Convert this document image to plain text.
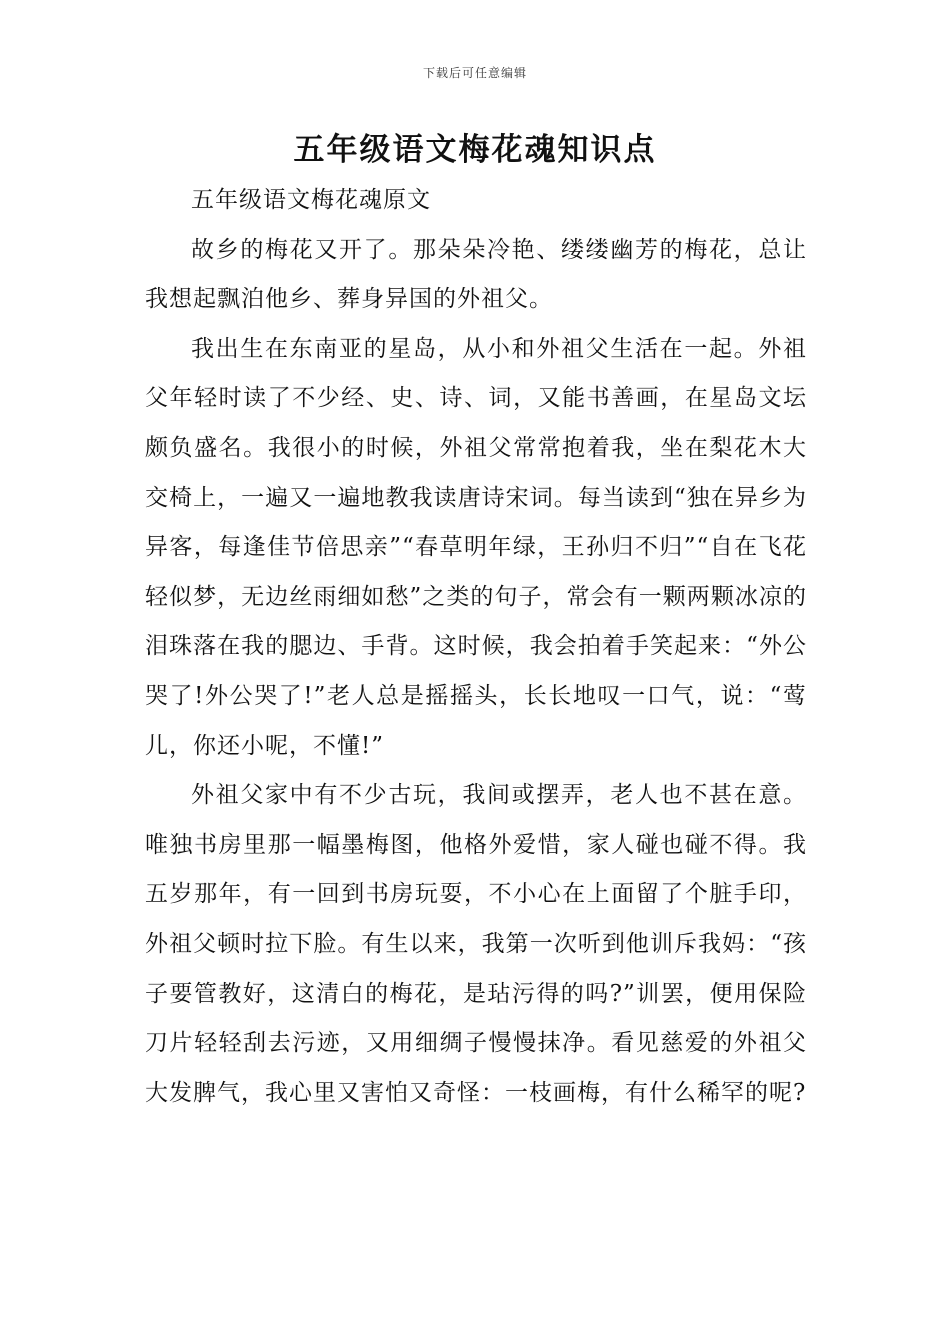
下载后可任意编辑
五年级语文梅花魂知识点

五年级语文梅花魂原文

故乡的梅花又开了。那朵朵冷艳、缕缕幽芳的梅花，总让我想起飘泊他乡、葬身异国的外祖父。

我出生在东南亚的星岛，从小和外祖父生活在一起。外祖父年轻时读了不少经、史、诗、词，又能书善画，在星岛文坛颇负盛名。我很小的时候，外祖父常常抱着我，坐在梨花木大交椅上，一遍又一遍地教我读唐诗宋词。每当读到“独在异乡为异客，每逢佳节倍思亲”“春草明年绿，王孙归不归”“自在飞花轻似梦，无边丝雨细如愁”之类的句子，常会有一颗两颗冰凉的泪珠落在我的腮边、手背。这时候，我会拍着手笑起来：“外公哭了!外公哭了!”老人总是摇摇头，长长地叹一口气，说：“莺儿，你还小呢，不懂!”

外祖父家中有不少古玩，我间或摆弄，老人也不甚在意。唯独书房里那一幅墨梅图，他格外爱惜，家人碰也碰不得。我五岁那年，有一回到书房玩耍，不小心在上面留了个脏手印，外祖父顿时拉下脸。有生以来，我第一次听到他训斥我妈：“孩子要管教好，这清白的梅花，是玷污得的吗?”训罢，便用保险刀片轻轻刮去污迹，又用细绸子慢慢抹净。看见慈爱的外祖父大发脾气，我心里又害怕又奇怪：一枝画梅，有什么稀罕的呢?
